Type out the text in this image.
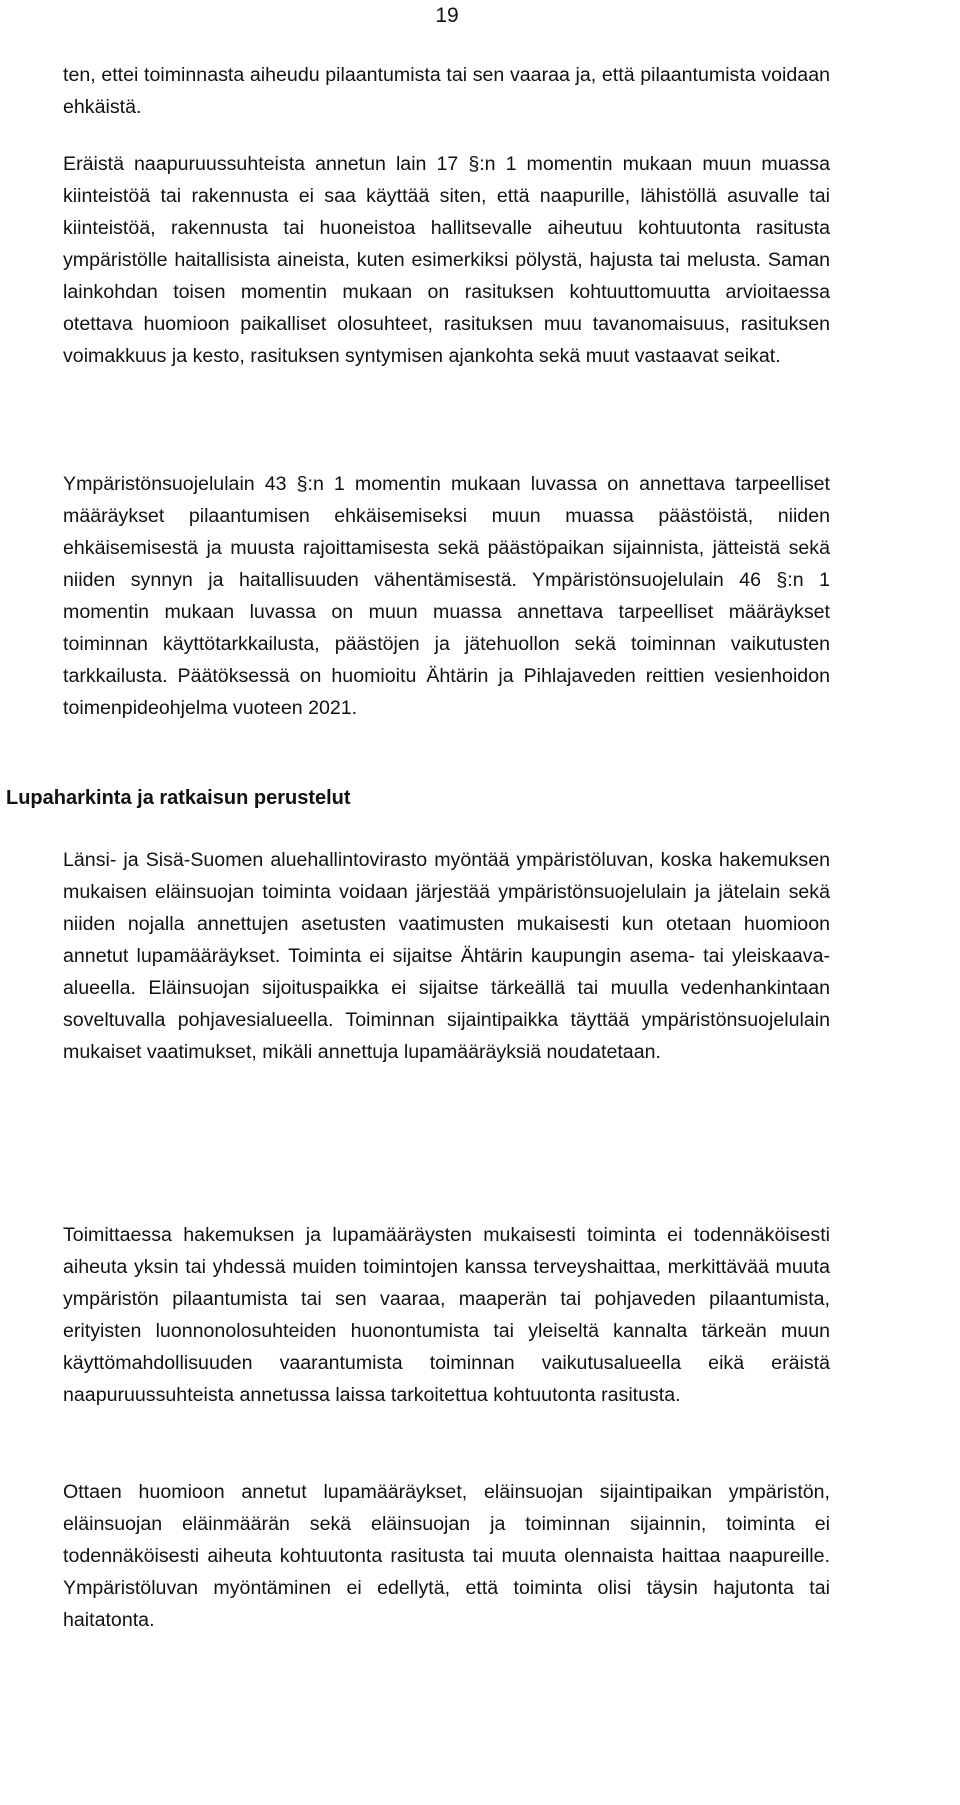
19

ten, ettei toiminnasta aiheudu pilaantumista tai sen vaaraa ja, että pilaantumista voidaan ehkäistä.

Eräistä naapuruussuhteista annetun lain 17 §:n 1 momentin mukaan muun muassa kiinteistöä tai rakennusta ei saa käyttää siten, että naapurille, lähistöllä asuvalle tai kiinteistöä, rakennusta tai huoneistoa hallitsevalle aiheutuu kohtuutonta rasitusta ympäristölle haitallisista aineista, kuten esimerkiksi pölystä, hajusta tai melusta. Saman lainkohdan toisen momentin mukaan on rasituksen kohtuuttomuutta arvioitaessa otettava huomioon paikalliset olosuhteet, rasituksen muu tavanomaisuus, rasituksen voimakkuus ja kesto, rasituksen syntymisen ajankohta sekä muut vastaavat seikat.

Ympäristönsuojelulain 43 §:n 1 momentin mukaan luvassa on annettava tarpeelliset määräykset pilaantumisen ehkäisemiseksi muun muassa päästöistä, niiden ehkäisemisestä ja muusta rajoittamisesta sekä päästöpaikan sijainnista, jätteistä sekä niiden synnyn ja haitallisuuden vähentämisestä. Ympäristönsuojelulain 46 §:n 1 momentin mukaan luvassa on muun muassa annettava tarpeelliset määräykset toiminnan käyttötarkkailusta, päästöjen ja jätehuollon sekä toiminnan vaikutusten tarkkailusta. Päätöksessä on huomioitu Ähtärin ja Pihlajaveden reittien vesienhoidon toimenpideohjelma vuoteen 2021.

Lupaharkinta ja ratkaisun perustelut

Länsi- ja Sisä-Suomen aluehallintovirasto myöntää ympäristöluvan, koska hakemuksen mukaisen eläinsuojan toiminta voidaan järjestää ympäristönsuojelulain ja jätelain sekä niiden nojalla annettujen asetusten vaatimusten mukaisesti kun otetaan huomioon annetut lupamääräykset. Toiminta ei sijaitse Ähtärin kaupungin asema- tai yleiskaava-alueella. Eläinsuojan sijoituspaikka ei sijaitse tärkeällä tai muulla vedenhankintaan soveltuvalla pohjavesialueella. Toiminnan sijaintipaikka täyttää ympäristönsuojelulain mukaiset vaatimukset, mikäli annettuja lupamääräyksiä noudatetaan.

Toimittaessa hakemuksen ja lupamääräysten mukaisesti toiminta ei todennäköisesti aiheuta yksin tai yhdessä muiden toimintojen kanssa terveyshaittaa, merkittävää muuta ympäristön pilaantumista tai sen vaaraa, maaperän tai pohjaveden pilaantumista, erityisten luonnonolosuhteiden huonontumista tai yleiseltä kannalta tärkeän muun käyttömahdollisuuden vaarantumista toiminnan vaikutusalueella eikä eräistä naapuruussuhteista annetussa laissa tarkoitettua kohtuutonta rasitusta.

Ottaen huomioon annetut lupamääräykset, eläinsuojan sijaintipaikan ympäristön, eläinsuojan eläinmäärän sekä eläinsuojan ja toiminnan sijainnin, toiminta ei todennäköisesti aiheuta kohtuutonta rasitusta tai muuta olennaista haittaa naapureille. Ympäristöluvan myöntäminen ei edellytä, että toiminta olisi täysin hajutonta tai haitatonta.
